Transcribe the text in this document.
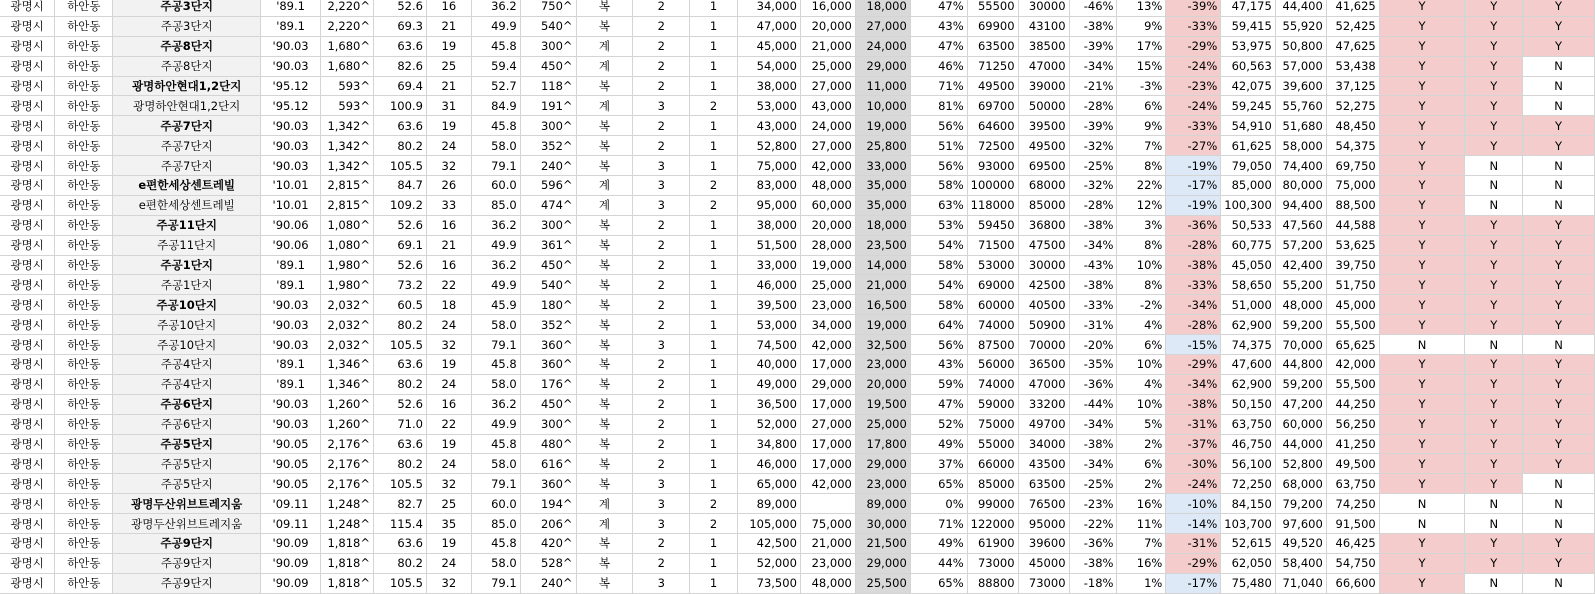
광명시	하안동	주공3단지	'89.1	2,220^	52.6	16	36.2	750^	복	2	1	34,000	16,000	18,000	47%	55500	30000	-46%	13%	-39%	47,175	44,400	41,625	Y	Y	Y
광명시	하안동	주공3단지	'89.1	2,220^	69.3	21	49.9	540^	복	2	1	47,000	20,000	27,000	43%	69900	43100	-38%	9%	-33%	59,415	55,920	52,425	Y	Y	Y
광명시	하안동	주공8단지	'90.03	1,680^	63.6	19	45.8	300^	계	2	1	45,000	21,000	24,000	47%	63500	38500	-39%	17%	-29%	53,975	50,800	47,625	Y	Y	Y
광명시	하안동	주공8단지	'90.03	1,680^	82.6	25	59.4	450^	계	2	1	54,000	25,000	29,000	46%	71250	47000	-34%	15%	-24%	60,563	57,000	53,438	Y	Y	N
광명시	하안동	광명하안현대1,2단지	'95.12	593^	69.4	21	52.7	118^	복	2	1	38,000	27,000	11,000	71%	49500	39000	-21%	-3%	-23%	42,075	39,600	37,125	Y	Y	N
광명시	하안동	광명하안현대1,2단지	'95.12	593^	100.9	31	84.9	191^	계	3	2	53,000	43,000	10,000	81%	69700	50000	-28%	6%	-24%	59,245	55,760	52,275	Y	Y	N
광명시	하안동	주공7단지	'90.03	1,342^	63.6	19	45.8	300^	복	2	1	43,000	24,000	19,000	56%	64600	39500	-39%	9%	-33%	54,910	51,680	48,450	Y	Y	Y
광명시	하안동	주공7단지	'90.03	1,342^	80.2	24	58.0	352^	복	2	1	52,800	27,000	25,800	51%	72500	49500	-32%	7%	-27%	61,625	58,000	54,375	Y	Y	Y
광명시	하안동	주공7단지	'90.03	1,342^	105.5	32	79.1	240^	복	3	1	75,000	42,000	33,000	56%	93000	69500	-25%	8%	-19%	79,050	74,400	69,750	Y	N	N
광명시	하안동	e편한세상센트레빌	'10.01	2,815^	84.7	26	60.0	596^	계	3	2	83,000	48,000	35,000	58%	100000	68000	-32%	22%	-17%	85,000	80,000	75,000	Y	N	N
광명시	하안동	e편한세상센트레빌	'10.01	2,815^	109.2	33	85.0	474^	계	3	2	95,000	60,000	35,000	63%	118000	85000	-28%	12%	-19%	100,300	94,400	88,500	Y	N	N
광명시	하안동	주공11단지	'90.06	1,080^	52.6	16	36.2	300^	복	2	1	38,000	20,000	18,000	53%	59450	36800	-38%	3%	-36%	50,533	47,560	44,588	Y	Y	Y
광명시	하안동	주공11단지	'90.06	1,080^	69.1	21	49.9	361^	복	2	1	51,500	28,000	23,500	54%	71500	47500	-34%	8%	-28%	60,775	57,200	53,625	Y	Y	Y
광명시	하안동	주공1단지	'89.1	1,980^	52.6	16	36.2	450^	복	2	1	33,000	19,000	14,000	58%	53000	30000	-43%	10%	-38%	45,050	42,400	39,750	Y	Y	Y
광명시	하안동	주공1단지	'89.1	1,980^	73.2	22	49.9	540^	복	2	1	46,000	25,000	21,000	54%	69000	42500	-38%	8%	-33%	58,650	55,200	51,750	Y	Y	Y
광명시	하안동	주공10단지	'90.03	2,032^	60.5	18	45.9	180^	복	2	1	39,500	23,000	16,500	58%	60000	40500	-33%	-2%	-34%	51,000	48,000	45,000	Y	Y	Y
광명시	하안동	주공10단지	'90.03	2,032^	80.2	24	58.0	352^	복	2	1	53,000	34,000	19,000	64%	74000	50900	-31%	4%	-28%	62,900	59,200	55,500	Y	Y	Y
광명시	하안동	주공10단지	'90.03	2,032^	105.5	32	79.1	360^	복	3	1	74,500	42,000	32,500	56%	87500	70000	-20%	6%	-15%	74,375	70,000	65,625	N	N	N
광명시	하안동	주공4단지	'89.1	1,346^	63.6	19	45.8	360^	복	2	1	40,000	17,000	23,000	43%	56000	36500	-35%	10%	-29%	47,600	44,800	42,000	Y	Y	Y
광명시	하안동	주공4단지	'89.1	1,346^	80.2	24	58.0	176^	복	2	1	49,000	29,000	20,000	59%	74000	47000	-36%	4%	-34%	62,900	59,200	55,500	Y	Y	Y
광명시	하안동	주공6단지	'90.03	1,260^	52.6	16	36.2	450^	복	2	1	36,500	17,000	19,500	47%	59000	33200	-44%	10%	-38%	50,150	47,200	44,250	Y	Y	Y
광명시	하안동	주공6단지	'90.03	1,260^	71.0	22	49.9	300^	복	2	1	52,000	27,000	25,000	52%	75000	49700	-34%	5%	-31%	63,750	60,000	56,250	Y	Y	Y
광명시	하안동	주공5단지	'90.05	2,176^	63.6	19	45.8	480^	복	2	1	34,800	17,000	17,800	49%	55000	34000	-38%	2%	-37%	46,750	44,000	41,250	Y	Y	Y
광명시	하안동	주공5단지	'90.05	2,176^	80.2	24	58.0	616^	복	2	1	46,000	17,000	29,000	37%	66000	43500	-34%	6%	-30%	56,100	52,800	49,500	Y	Y	Y
광명시	하안동	주공5단지	'90.05	2,176^	105.5	32	79.1	360^	복	3	1	65,000	42,000	23,000	65%	85000	63500	-25%	2%	-24%	72,250	68,000	63,750	Y	Y	N
광명시	하안동	광명두산위브트레지움	'09.11	1,248^	82.7	25	60.0	194^	계	3	2	89,000		89,000	0%	99000	76500	-23%	16%	-10%	84,150	79,200	74,250	N	N	N
광명시	하안동	광명두산위브트레지움	'09.11	1,248^	115.4	35	85.0	206^	계	3	2	105,000	75,000	30,000	71%	122000	95000	-22%	11%	-14%	103,700	97,600	91,500	N	N	N
광명시	하안동	주공9단지	'90.09	1,818^	63.6	19	45.8	420^	복	2	1	42,500	21,000	21,500	49%	61900	39600	-36%	7%	-31%	52,615	49,520	46,425	Y	Y	Y
광명시	하안동	주공9단지	'90.09	1,818^	80.2	24	58.0	528^	복	2	1	52,000	23,000	29,000	44%	73000	45000	-38%	16%	-29%	62,050	58,400	54,750	Y	Y	Y
광명시	하안동	주공9단지	'90.09	1,818^	105.5	32	79.1	240^	복	3	1	73,500	48,000	25,500	65%	88800	73000	-18%	1%	-17%	75,480	71,040	66,600	Y	N	N
